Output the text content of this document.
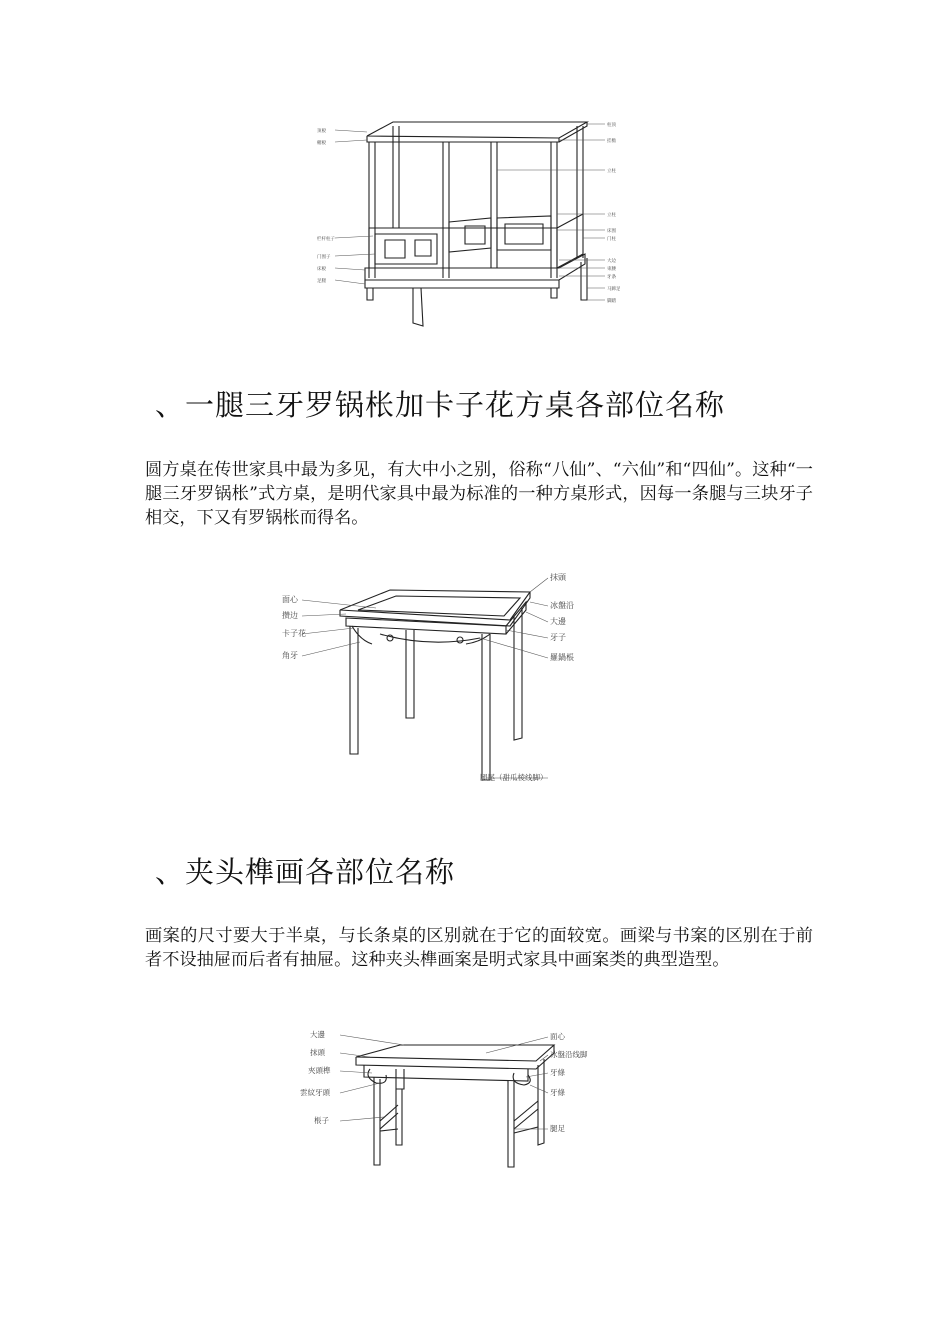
顶板
楣板
栏杆柱子
门围子
床板
足腿
柱顶
挂檐
立柱
立柱
床围
门柱
大边
束腰
牙条
马蹄足
脚踏
、一腿三牙罗锅枨加卡子花方桌各部位名称

圆方桌在传世家具中最为多见，有大中小之别，俗称“八仙”、“六仙”和“四仙”。这种“一腿三牙罗锅枨”式方桌，是明代家具中最为标准的一种方桌形式，因每一条腿与三块牙子相交，下又有罗锅枨而得名。

面心
攒边
卡子花
角牙
抹頭
冰盤沿
大邊
牙子
羅鍋棖
腿尾（甜瓜棱线脚）
、夹头榫画各部位名称

画案的尺寸要大于半桌，与长条桌的区别就在于它的面较宽。画梁与书案的区别在于前者不设抽屉而后者有抽屉。这种夹头榫画案是明式家具中画案类的典型造型。

大邊
抹頭
夾頭榫
雲紋牙頭
棖子
面心
冰盤沿线脚
牙條
牙條
腿足
